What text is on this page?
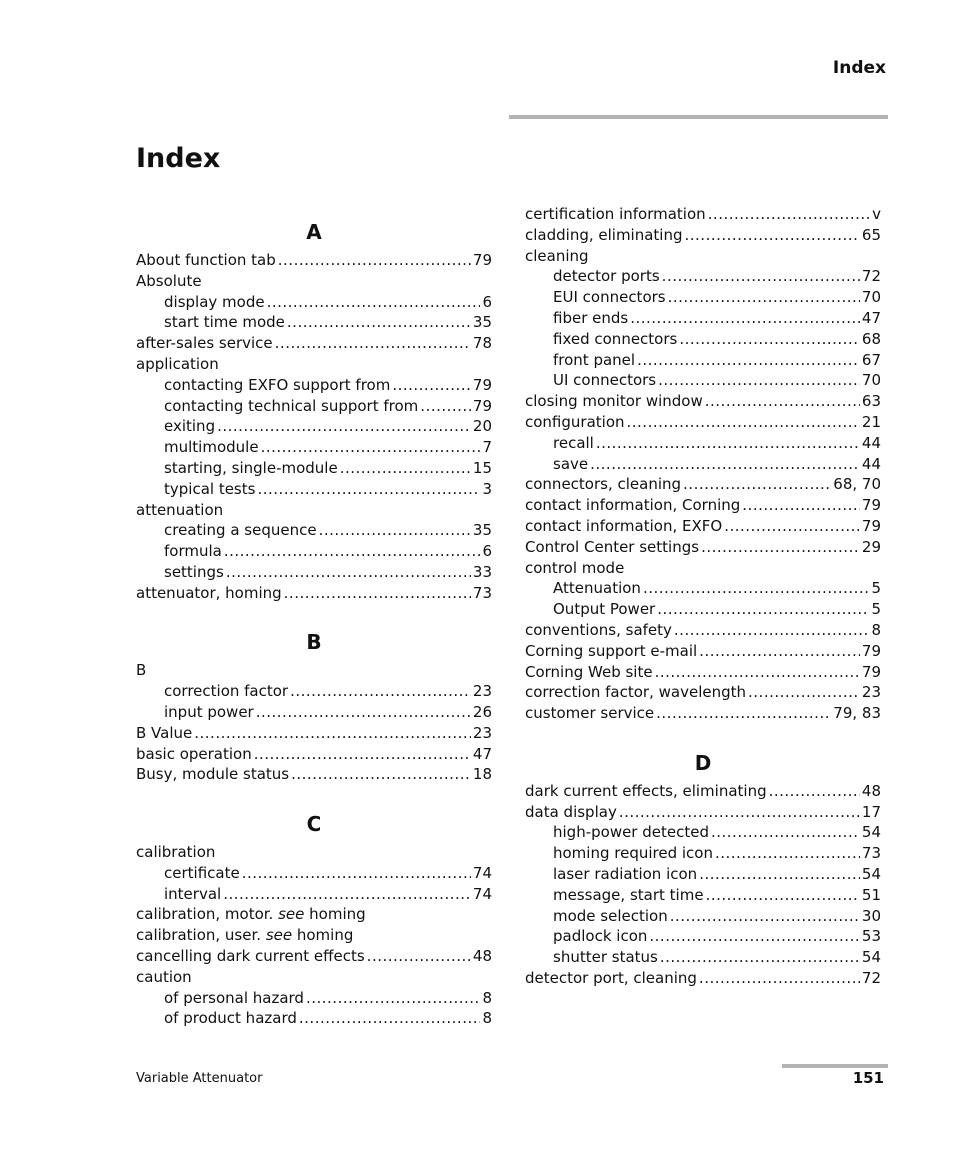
Index
Index
A
About function tab .....	79
Absolute
display mode .....	6
start time mode .....	35
after-sales service .....	78
application
contacting EXFO support from .....	79
contacting technical support from .....	79
exiting .....	20
multimodule .....	7
starting, single-module .....	15
typical tests .....	3
attenuation
creating a sequence .....	35
formula .....	6
settings .....	33
attenuator, homing .....	73
B
B
correction factor .....	23
input power .....	26
B Value .....	23
basic operation .....	47
Busy, module status .....	18
C
calibration
certificate .....	74
interval .....	74
calibration, motor. see homing
calibration, user. see homing
cancelling dark current effects .....	48
caution
of personal hazard .....	8
of product hazard .....	8
certification information .....	v
cladding, eliminating .....	65
cleaning
detector ports .....	72
EUI connectors .....	70
fiber ends .....	47
fixed connectors .....	68
front panel .....	67
UI connectors .....	70
closing monitor window .....	63
configuration .....	21
recall .....	44
save .....	44
connectors, cleaning .....	68, 70
contact information, Corning .....	79
contact information, EXFO .....	79
Control Center settings .....	29
control mode
Attenuation .....	5
Output Power .....	5
conventions, safety .....	8
Corning support e-mail .....	79
Corning Web site .....	79
correction factor, wavelength .....	23
customer service .....	79, 83
D
dark current effects, eliminating .....	48
data display .....	17
high-power detected .....	54
homing required icon .....	73
laser radiation icon .....	54
message, start time .....	51
mode selection .....	30
padlock icon .....	53
shutter status .....	54
detector port, cleaning .....	72
Variable Attenuator	151
